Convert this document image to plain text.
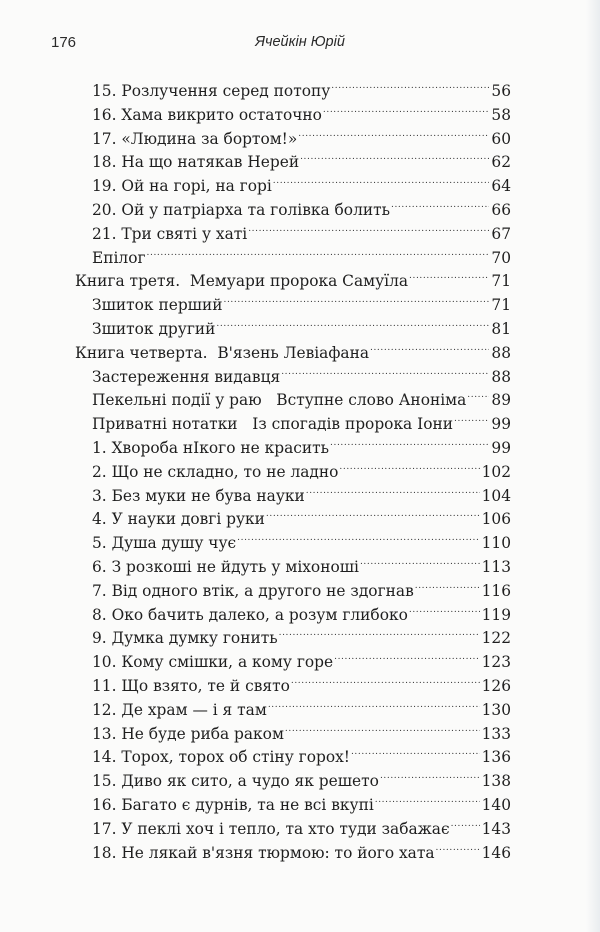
176	Ячейкін Юрій
15. Розлучення серед потопу .....	56
16. Хама викрито остаточно .....	58
17. «Людина за бортом!» .....	60
18. На що натякав Нерей .....	62
19. Ой на горі, на горі .....	64
20. Ой у патріарха та голівка болить .....	66
21. Три святі у хаті .....	67
Епілог .....	70
Книга третя.  Мемуари пророка Самуїла .....	71
Зшиток перший .....	71
Зшиток другий .....	81
Книга четверта.  В'язень Левіафана .....	88
Застереження видавця .....	88
Пекельні події у раю   Вступне слово Аноніма ..... 89
Приватні нотатки   Із спогадів пророка Іони ..... 99
1. Хвороба нІкого не красить .....	99
2. Що не складно, то не ладно .....	102
3. Без муки не бува науки .....	104
4. У науки довгі руки .....	106
5. Душа душу чує .....	110
6. З розкоші не йдуть у міхоноші .....	113
7. Від одного втік, а другого не здогнав .....	116
8. Око бачить далеко, а розум глибоко .....	119
9. Думка думку гонить .....	122
10. Кому смішки, а кому горе .....	123
11. Що взято, те й свято .....	126
12. Де храм — і я там .....	130
13. Не буде риба раком .....	133
14. Торох, торох об стіну горох! .....	136
15. Диво як сито, а чудо як решето .....	138
16. Багато є дурнів, та не всі вкупі .....	140
17. У пеклі хоч і тепло, та хто туди забажає ..... 143
18. Не лякай в'язня тюрмою: то його хата .....	146
